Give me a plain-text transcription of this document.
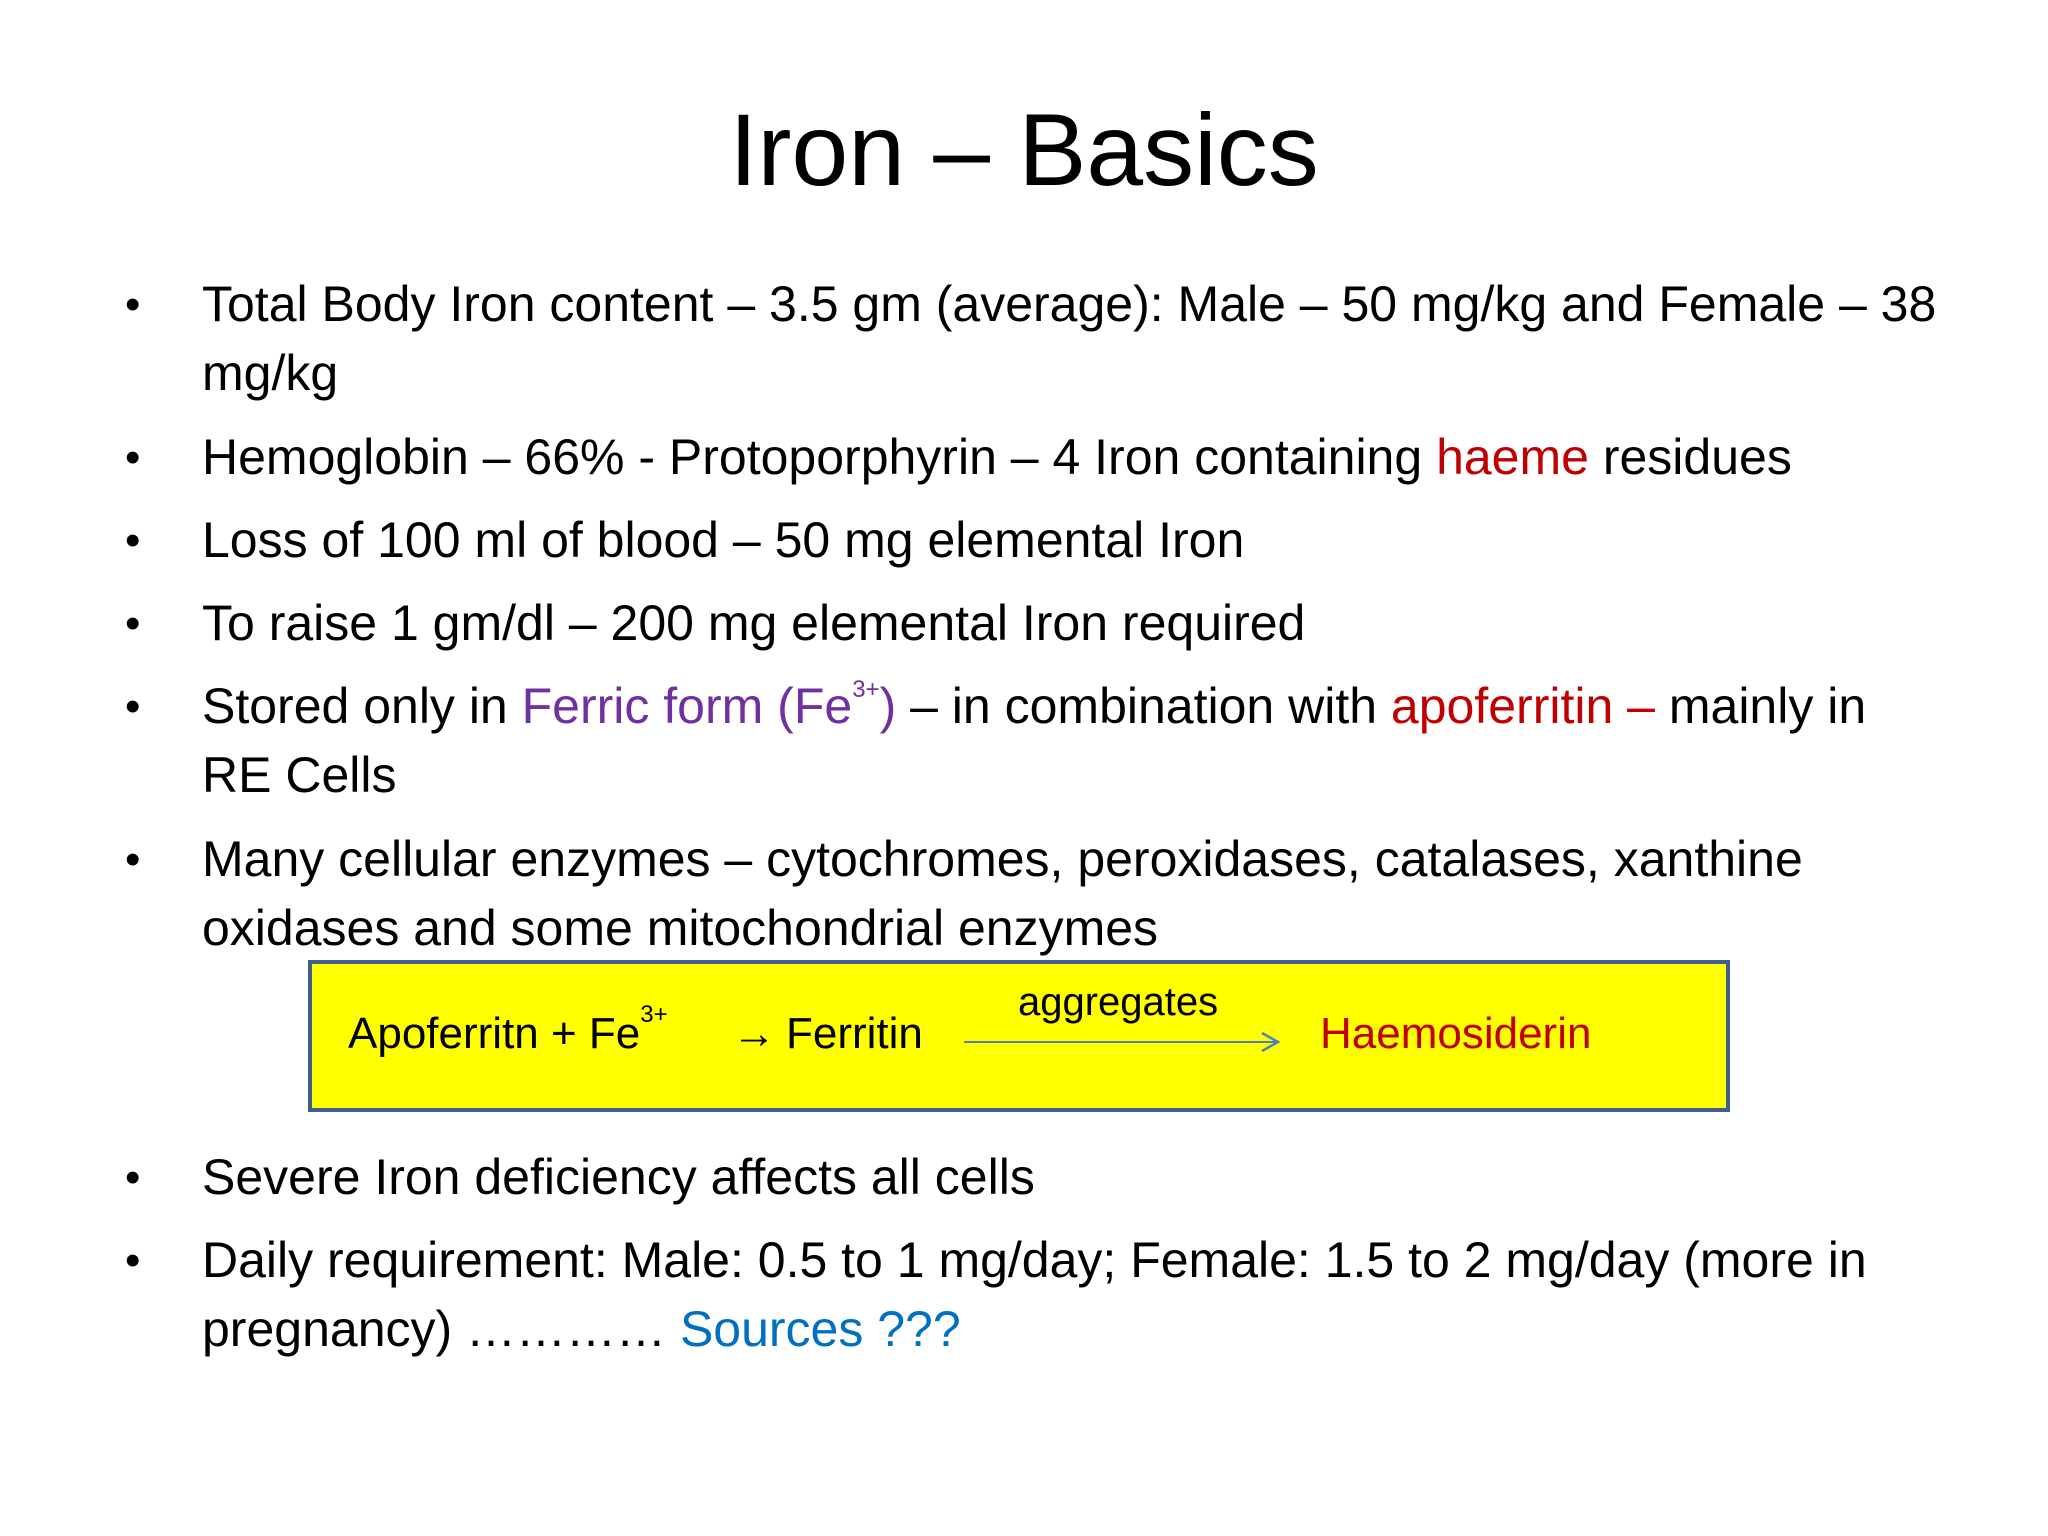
Iron – Basics
•	Total Body Iron content – 3.5 gm (average): Male – 50 mg/kg and Female – 38 mg/kg
•	Hemoglobin – 66% - Protoporphyrin – 4 Iron containing haeme residues
•	Loss of 100 ml of blood – 50 mg elemental Iron
•	To raise 1 gm/dl – 200 mg elemental Iron required
•	Stored only in Ferric form $(Fe^{3+})$ – in combination with apoferritin – mainly in RE Cells
•	Many cellular enzymes – cytochromes, peroxidases, catalases, xanthine oxidases and some mitochondrial enzymes
•	Severe Iron deficiency affects all cells
•	Daily requirement: Male: 0.5 to 1 mg/day; Female: 1.5 to 2 mg/day (more in pregnancy) ………… Sources ???
Apoferritn + $Fe^{3+}$ → Ferritin
aggregates
Haemosiderin
